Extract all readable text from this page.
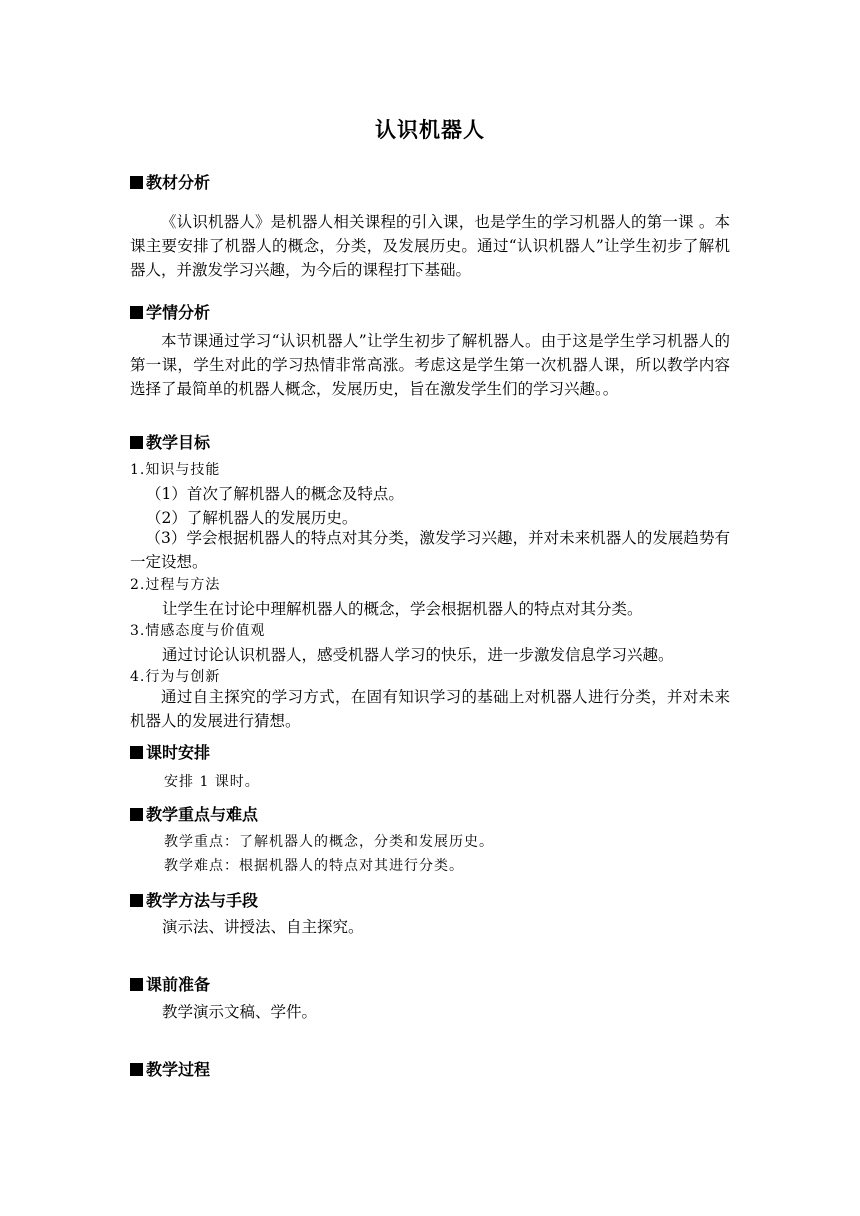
认识机器人
教材分析

《认识机器人》是机器人相关课程的引入课，也是学生的学习机器人的第一课 。本课主要安排了机器人的概念，分类，及发展历史。通过“认识机器人”让学生初步了解机器人，并激发学习兴趣，为今后的课程打下基础。

学情分析

本节课通过学习“认识机器人”让学生初步了解机器人。由于这是学生学习机器人的第一课，学生对此的学习热情非常高涨。考虑这是学生第一次机器人课，所以教学内容选择了最简单的机器人概念，发展历史，旨在激发学生们的学习兴趣。。

教学目标
1.知识与技能
（1）首次了解机器人的概念及特点。
（2）了解机器人的发展历史。

（3）学会根据机器人的特点对其分类，激发学习兴趣，并对未来机器人的发展趋势有一定设想。

2.过程与方法
让学生在讨论中理解机器人的概念，学会根据机器人的特点对其分类。
3.情感态度与价值观
通过讨论认识机器人，感受机器人学习的快乐，进一步激发信息学习兴趣。
4.行为与创新

通过自主探究的学习方式，在固有知识学习的基础上对机器人进行分类，并对未来机器人的发展进行猜想。

课时安排
安排 1 课时。
教学重点与难点
教学重点：了解机器人的概念，分类和发展历史。
教学难点：根据机器人的特点对其进行分类。
教学方法与手段
演示法、讲授法、自主探究。
课前准备
教学演示文稿、学件。
教学过程
